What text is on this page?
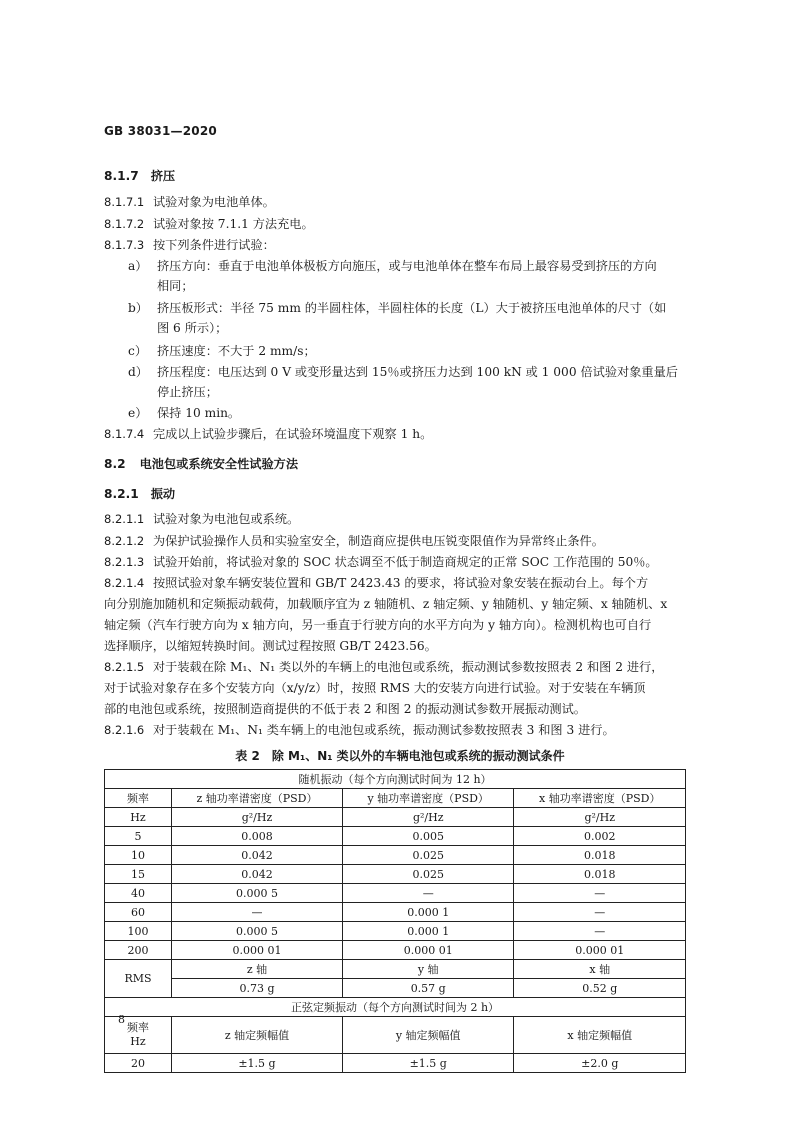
GB 38031—2020
8.1.7 挤压
8.1.7.1 试验对象为电池单体。
8.1.7.2 试验对象按 7.1.1 方法充电。
8.1.7.3 按下列条件进行试验：
a） 挤压方向：垂直于电池单体极板方向施压，或与电池单体在整车布局上最容易受到挤压的方向
相同；
b） 挤压板形式：半径 75 mm 的半圆柱体，半圆柱体的长度（L）大于被挤压电池单体的尺寸（如
图 6 所示）；
c） 挤压速度：不大于 2 mm/s；
d） 挤压程度：电压达到 0 V 或变形量达到 15％或挤压力达到 100 kN 或 1 000 倍试验对象重量后
停止挤压；
e） 保持 10 min。
8.1.7.4 完成以上试验步骤后，在试验环境温度下观察 1 h。
8.2 电池包或系统安全性试验方法
8.2.1 振动
8.2.1.1 试验对象为电池包或系统。
8.2.1.2 为保护试验操作人员和实验室安全，制造商应提供电压锐变限值作为异常终止条件。
8.2.1.3 试验开始前，将试验对象的 SOC 状态调至不低于制造商规定的正常 SOC 工作范围的 50％。
8.2.1.4 按照试验对象车辆安装位置和 GB/T 2423.43 的要求，将试验对象安装在振动台上。每个方
向分别施加随机和定频振动载荷，加载顺序宜为 z 轴随机、z 轴定频、y 轴随机、y 轴定频、x 轴随机、x
轴定频（汽车行驶方向为 x 轴方向，另一垂直于行驶方向的水平方向为 y 轴方向）。检测机构也可自行
选择顺序，以缩短转换时间。测试过程按照 GB/T 2423.56。
8.2.1.5 对于装载在除 M₁、N₁ 类以外的车辆上的电池包或系统，振动测试参数按照表 2 和图 2 进行，
对于试验对象存在多个安装方向（x/y/z）时，按照 RMS 大的安装方向进行试验。对于安装在车辆顶
表 2　除 M₁、N₁ 类以外的车辆电池包或系统的振动测试条件
随机振动（每个方向测试时间为 12 h）			
频率	z 轴功率谱密度（PSD）	y 轴功率谱密度（PSD）	x 轴功率谱密度（PSD）
Hz	g²/Hz	g²/Hz	g²/Hz
5	0.008	0.005	0.002
10	0.042	0.025	0.018
15	0.042	0.025	0.018
40	0.000 5	—	—
60	—	0.000 1	—
100	0.000 5	0.000 1	—
200	0.000 01	0.000 01	0.000 01
RMS	z 轴	y 轴	x 轴
	0.73 g	0.57 g	0.52 g
正弦定频振动（每个方向测试时间为 2 h）			

频率
Hz	z 轴定频幅值	y 轴定频幅值	x 轴定频幅值
20	±1.5 g	±1.5 g	±2.0 g
8
部的电池包或系统，按照制造商提供的不低于表 2 和图 2 的振动测试参数开展振动测试。
8.2.1.6 对于装载在 M₁、N₁ 类车辆上的电池包或系统，振动测试参数按照表 3 和图 3 进行。
